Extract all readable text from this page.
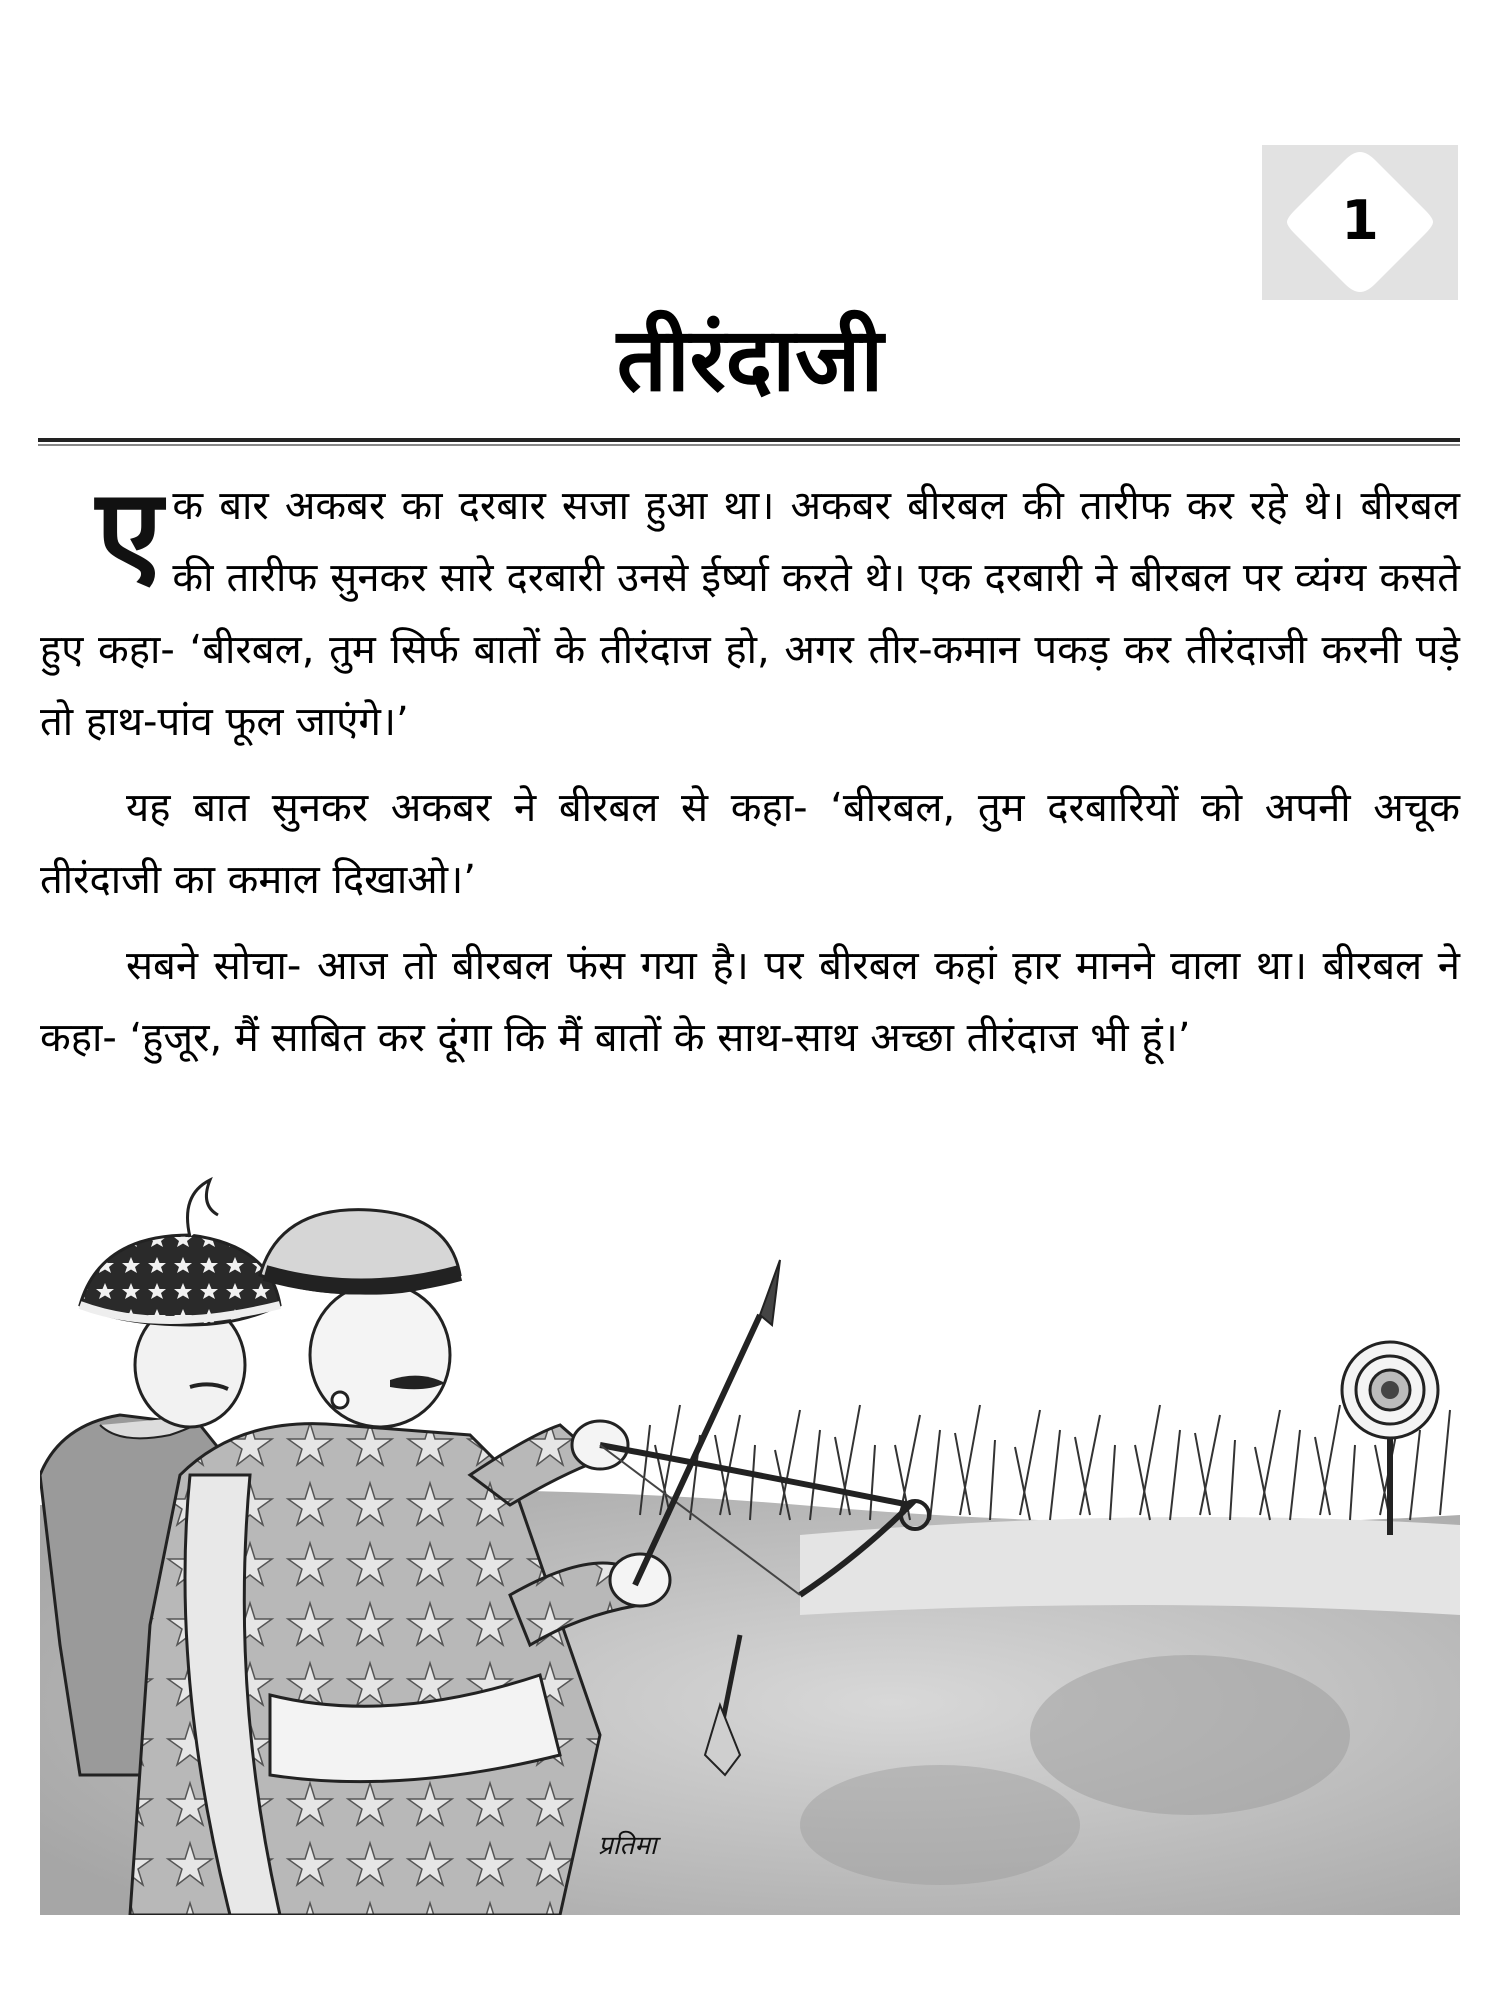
1
तीरंदाजी

ए क बार अकबर का दरबार सजा हुआ था। अकबर बीरबल की तारीफ कर रहे थे। बीरबल की तारीफ सुनकर सारे दरबारी उनसे ईर्ष्या करते थे। एक दरबारी ने बीरबल पर व्यंग्य कसते हुए कहा- ‘बीरबल, तुम सिर्फ बातों के तीरंदाज हो, अगर तीर-कमान पकड़ कर तीरंदाजी करनी पड़े तो हाथ-पांव फूल जाएंगे।’

यह बात सुनकर अकबर ने बीरबल से कहा- ‘बीरबल, तुम दरबारियों को अपनी अचूक तीरंदाजी का कमाल दिखाओ।’

सबने सोचा- आज तो बीरबल फंस गया है। पर बीरबल कहां हार मानने वाला था। बीरबल ने कहा- ‘हुजूर, मैं साबित कर दूंगा कि मैं बातों के साथ-साथ अच्छा तीरंदाज भी हूं।’

प्रतिमा
